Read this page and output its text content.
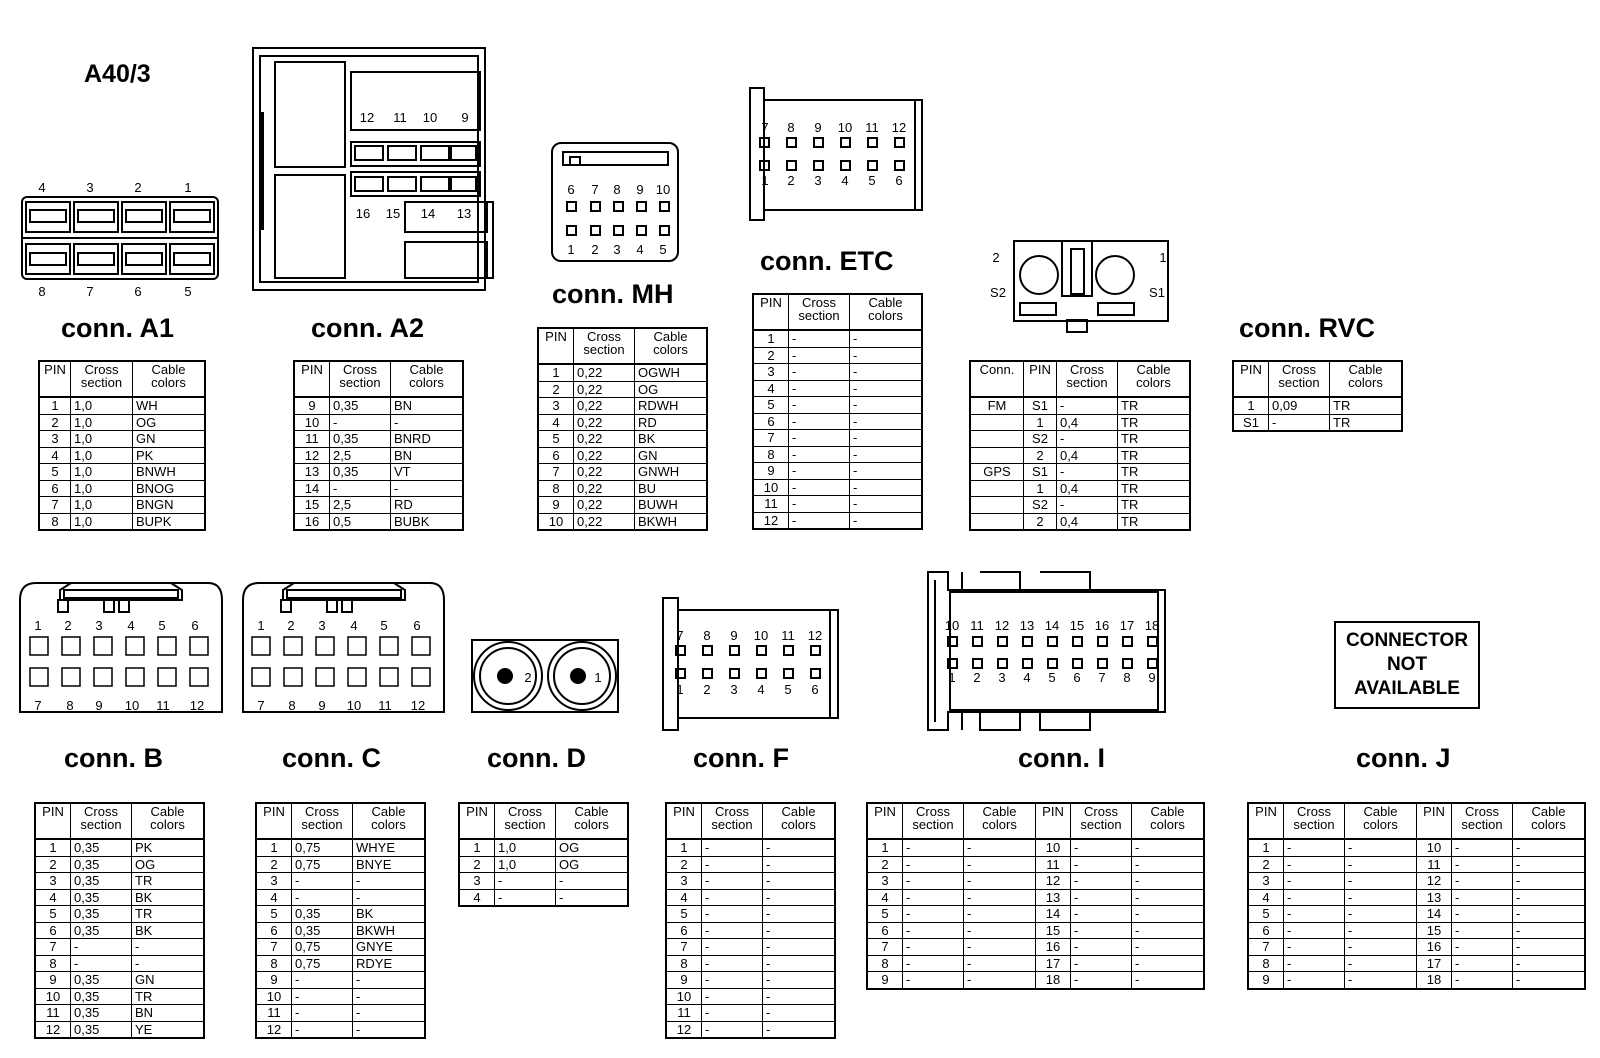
4	3	2	1
8	7	6	5
12 11 10	9
16 15 14 13
6	7	8	9 10
1	2	3	4	5
7	8	9	10 11 12
1	2	3	4	5	6
2	1
S2	S1
1	2	3	4	5	6
7	8	9	10 11 12
1	2	3	4	5	6
7	8	9	10 11 12
2	1
7	8	9	10 11 12
1	2	3	4	5	6
10 11 12 13 14 15 16 17 18
1	2	3	4	5	6	7	8	9
A40/3
conn. A1	conn. A2
conn. MH
conn. ETC
conn. RVC
conn. B	conn. C	conn. D	conn. F	conn. I	conn. J
CONNECTOR
NOT
AVAILABLE
PIN	Cross section	Cable colors
1	1,0	WH
2	1,0	OG
3	1,0	GN
4	1,0	PK
5	1,0	BNWH
6	1,0	BNOG
7	1,0	BNGN
8	1,0	BUPK
PIN	Cross section	Cable colors
9	0,35	BN
10	-	-
11	0,35	BNRD
12	2,5	BN
13	0,35	VT
14	-	-
15	2,5	RD
16	0,5	BUBK
PIN	Cross section	Cable colors
1	0,22	OGWH
2	0,22	OG
3	0,22	RDWH
4	0,22	RD
5	0,22	BK
6	0,22	GN
7	0,22	GNWH
8	0,22	BU
9	0,22	BUWH
10	0,22	BKWH
PIN	Cross section	Cable colors
1	-	-
2	-	-
3	-	-
4	-	-
5	-	-
6	-	-
7	-	-
8	-	-
9	-	-
10	-	-
11	-	-
12	-	-
Conn.	PIN	Cross section	Cable colors
FM	S1	-	TR
	1	0,4	TR
	S2	-	TR
	2	0,4	TR
GPS	S1	-	TR
	1	0,4	TR
	S2	-	TR
	2	0,4	TR
PIN	Cross section	Cable colors
1	0,09	TR
S1	-	TR
PIN	Cross section	Cable colors
1	0,35	PK
2	0,35	OG
3	0,35	TR
4	0,35	BK
5	0,35	TR
6	0,35	BK
7	-	-
8	-	-
9	0,35	GN
10	0,35	TR
11	0,35	BN
12	0,35	YE
PIN	Cross section	Cable colors
1	0,75	WHYE
2	0,75	BNYE
3	-	-
4	-	-
5	0,35	BK
6	0,35	BKWH
7	0,75	GNYE
8	0,75	RDYE
9	-	-
10	-	-
11	-	-
12	-	-
PIN	Cross section	Cable colors
1	1,0	OG
2	1,0	OG
3	-	-
4	-	-
PIN	Cross section	Cable colors
1	-	-
2	-	-
3	-	-
4	-	-
5	-	-
6	-	-
7	-	-
8	-	-
9	-	-
10	-	-
11	-	-
12	-	-
PIN	Cross section	Cable colors	PIN	Cross section	Cable colors
1	-	-	10	-	-
2	-	-	11	-	-
3	-	-	12	-	-
4	-	-	13	-	-
5	-	-	14	-	-
6	-	-	15	-	-
7	-	-	16	-	-
8	-	-	17	-	-
9	-	-	18	-	-
PIN	Cross section	Cable colors	PIN	Cross section	Cable colors
1	-	-	10	-	-
2	-	-	11	-	-
3	-	-	12	-	-
4	-	-	13	-	-
5	-	-	14	-	-
6	-	-	15	-	-
7	-	-	16	-	-
8	-	-	17	-	-
9	-	-	18	-	-
